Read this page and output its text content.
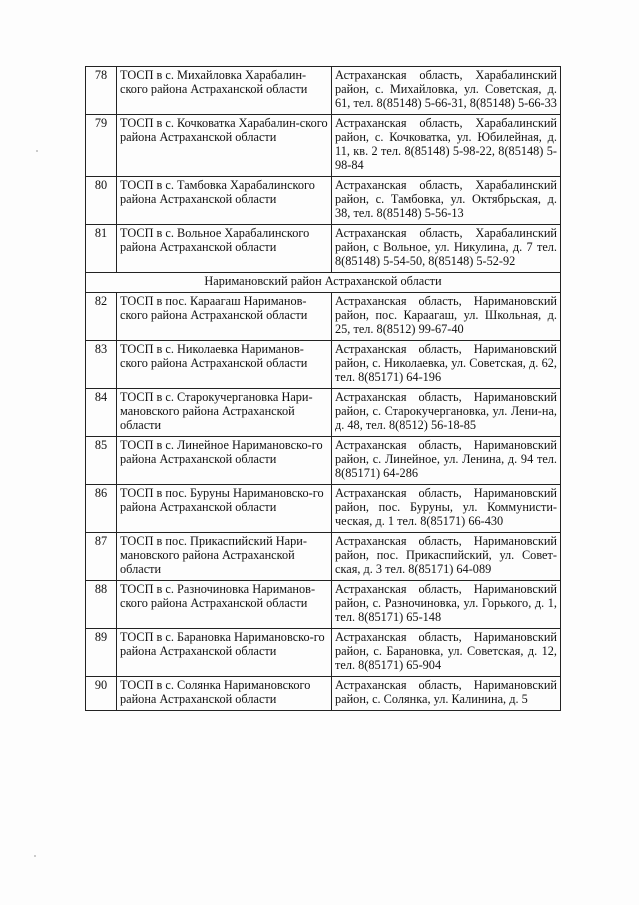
78	ТОСП в с. Михайловка Харабалин-ского района Астраханской области	Астраханская область, Харабалинский район, с. Михайловка, ул. Советская, д. 61, тел. 8(85148) 5-66-31, 8(85148) 5-66-33
79	ТОСП в с. Кочковатка Харабалин-ского района Астраханской области	Астраханская область, Харабалинский район, с. Кочковатка, ул. Юбилейная, д. 11, кв. 2 тел. 8(85148) 5-98-22, 8(85148) 5-98-84
80	ТОСП в с. Тамбовка Харабалинского района Астраханской области	Астраханская область, Харабалинский район, с. Тамбовка, ул. Октябрьская, д. 38, тел. 8(85148) 5-56-13
81	ТОСП в с. Вольное Харабалинского района Астраханской области	Астраханская область, Харабалинский район, с Вольное, ул. Никулина, д. 7 тел. 8(85148) 5-54-50, 8(85148) 5-52-92
Наримановский район Астраханской области		
82	ТОСП в пос. Караагаш Нариманов-ского района Астраханской области	Астраханская область, Наримановский район, пос. Караагаш, ул. Школьная, д. 25, тел. 8(8512) 99-67-40
83	ТОСП в с. Николаевка Нариманов-ского района Астраханской области	Астраханская область, Наримановский район, с. Николаевка, ул. Советская, д. 62, тел. 8(85171) 64-196
84	ТОСП в с. Старокучергановка Нари-мановского района Астраханской области	Астраханская область, Наримановский район, с. Старокучергановка, ул. Лени-на, д. 48, тел. 8(8512) 56-18-85
85	ТОСП в с. Линейное Наримановско-го района Астраханской области	Астраханская область, Наримановский район, с. Линейное, ул. Ленина, д. 94 тел. 8(85171) 64-286
86	ТОСП в пос. Буруны Наримановско-го района Астраханской области	Астраханская область, Наримановский район, пос. Буруны, ул. Коммунисти-ческая, д. 1 тел. 8(85171) 66-430
87	ТОСП в пос. Прикаспийский Нари-мановского района Астраханской области	Астраханская область, Наримановский район, пос. Прикаспийский, ул. Совет-ская, д. 3 тел. 8(85171) 64-089
88	ТОСП в с. Разночиновка Нариманов-ского района Астраханской области	Астраханская область, Наримановский район, с. Разночиновка, ул. Горького, д. 1, тел. 8(85171) 65-148
89	ТОСП в с. Барановка Наримановско-го района Астраханской области	Астраханская область, Наримановский район, с. Барановка, ул. Советская, д. 12, тел. 8(85171) 65-904
90	ТОСП в с. Солянка Наримановского района Астраханской области	Астраханская область, Наримановский район, с. Солянка, ул. Калинина, д. 5
